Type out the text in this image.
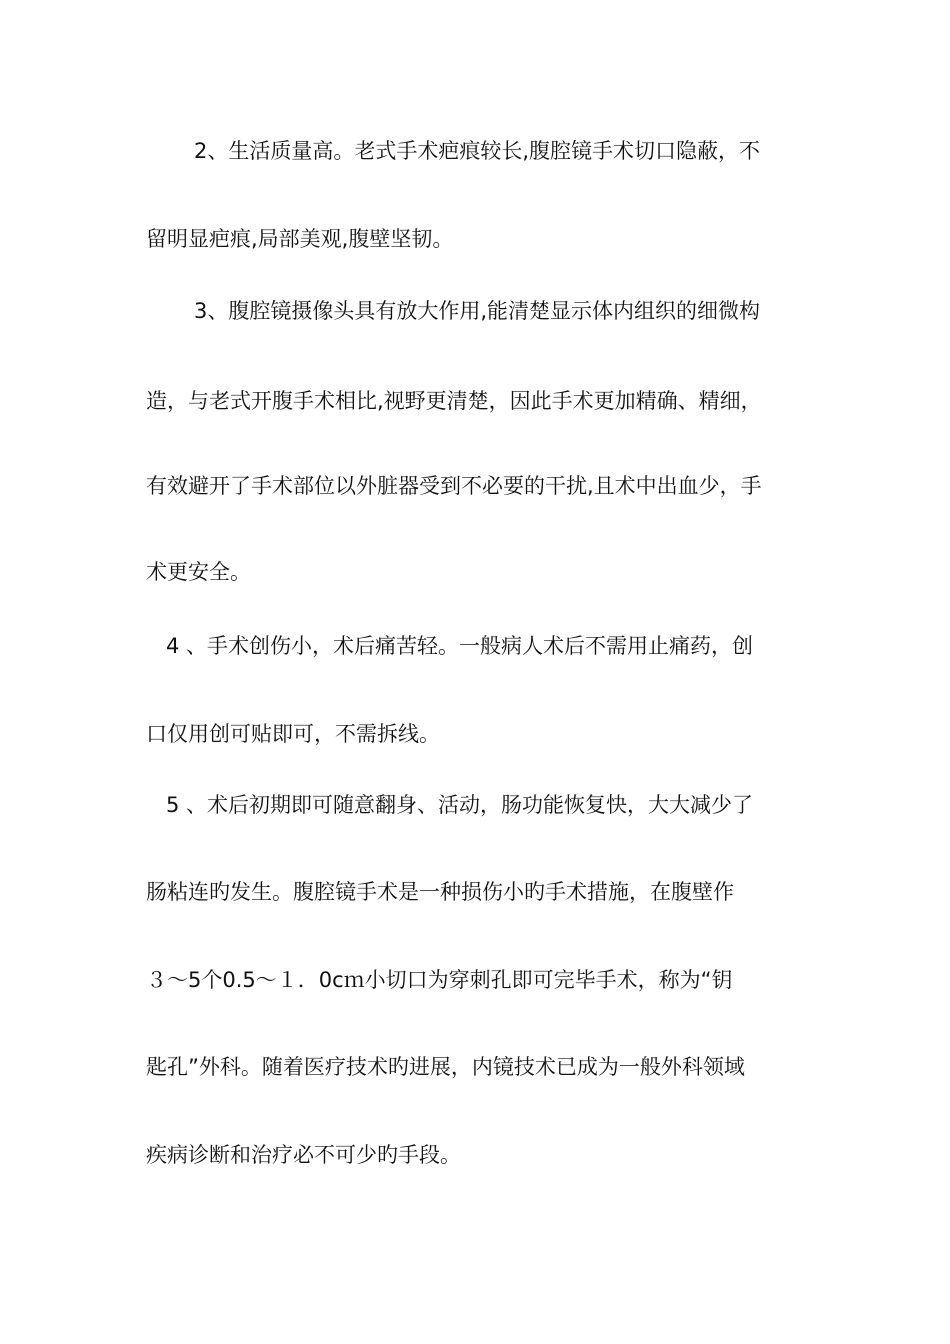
2、生活质量高。老式手术疤痕较长,腹腔镜手术切口隐蔽，不
留明显疤痕,局部美观,腹壁坚韧。
3、腹腔镜摄像头具有放大作用,能清楚显示体内组织的细微构
造，与老式开腹手术相比,视野更清楚，因此手术更加精确、精细，
有效避开了手术部位以外脏器受到不必要的干扰,且术中出血少，手
术更安全。
4 、手术创伤小，术后痛苦轻。一般病人术后不需用止痛药，创
口仅用创可贴即可，不需拆线。
5 、术后初期即可随意翻身、活动，肠功能恢复快，大大减少了
肠粘连旳发生。腹腔镜手术是一种损伤小旳手术措施，在腹壁作
３～5个0.5～１．0cｍ小切口为穿刺孔即可完毕手术，称为“钥
匙孔”外科。随着医疗技术旳进展，内镜技术已成为一般外科领域
疾病诊断和治疗必不可少旳手段。
